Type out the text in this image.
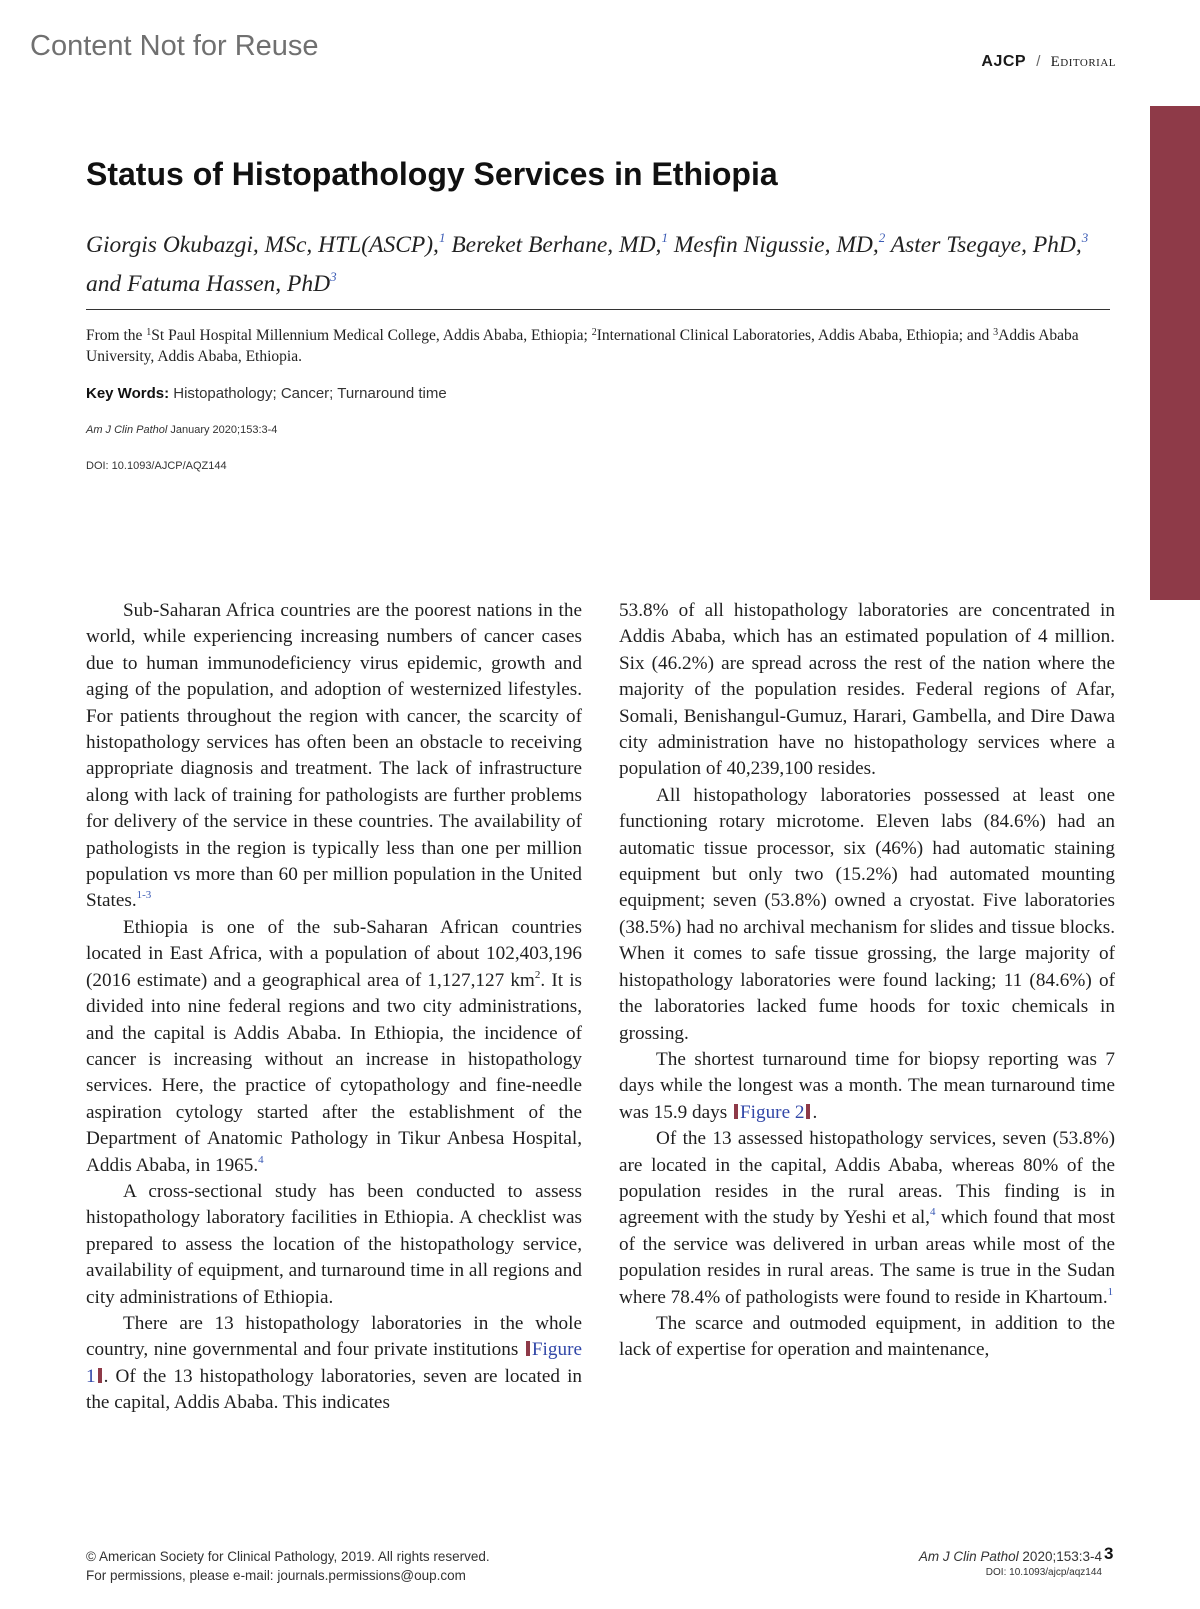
Content Not for Reuse	AJCP / Editorial
Status of Histopathology Services in Ethiopia
Giorgis Okubazgi, MSc, HTL(ASCP),$^1$ Bereket Berhane, MD,$^1$ Mesfin Nigussie, MD,$^2$ Aster Tsegaye, PhD,$^3$ and Fatuma Hassen, PhD$^3$
From the $^1$St Paul Hospital Millennium Medical College, Addis Ababa, Ethiopia; $^2$International Clinical Laboratories, Addis Ababa, Ethiopia; and $^3$Addis Ababa University, Addis Ababa, Ethiopia.
Key Words: Histopathology; Cancer; Turnaround time
Am J Clin Pathol January 2020;153:3-4
DOI: 10.1093/AJCP/AQZ144

Sub-Saharan Africa countries are the poorest nations in the world, while experiencing increasing numbers of cancer cases due to human immunodeficiency virus epidemic, growth and aging of the population, and adoption of westernized lifestyles. For patients throughout the region with cancer, the scarcity of histopathology services has often been an obstacle to receiving appropriate diagnosis and treatment. The lack of infrastructure along with lack of training for pathologists are further problems for delivery of the service in these countries. The availability of pathologists in the region is typically less than one per million population vs more than 60 per million population in the United States.$^{1-3}$

Ethiopia is one of the sub-Saharan African countries located in East Africa, with a population of about 102,403,196 (2016 estimate) and a geographical area of 1,127,127 $km^2$. It is divided into nine federal regions and two city administrations, and the capital is Addis Ababa. In Ethiopia, the incidence of cancer is increasing without an increase in histopathology services. Here, the practice of cytopathology and fine-needle aspiration cytology started after the establishment of the Department of Anatomic Pathology in Tikur Anbesa Hospital, Addis Ababa, in 1965.$^4$

A cross-sectional study has been conducted to assess histopathology laboratory facilities in Ethiopia. A checklist was prepared to assess the location of the histopathology service, availability of equipment, and turnaround time in all regions and city administrations of Ethiopia.

There are 13 histopathology laboratories in the whole country, nine governmental and four private institutions Figure 1 . Of the 13 histopathology laboratories, seven are located in the capital, Addis Ababa. This indicates

53.8% of all histopathology laboratories are concentrated in Addis Ababa, which has an estimated population of 4 million. Six (46.2%) are spread across the rest of the nation where the majority of the population resides. Federal regions of Afar, Somali, Benishangul-Gumuz, Harari, Gambella, and Dire Dawa city administration have no histopathology services where a population of 40,239,100 resides.

All histopathology laboratories possessed at least one functioning rotary microtome. Eleven labs (84.6%) had an automatic tissue processor, six (46%) had automatic staining equipment but only two (15.2%) had automated mounting equipment; seven (53.8%) owned a cryostat. Five laboratories (38.5%) had no archival mechanism for slides and tissue blocks. When it comes to safe tissue grossing, the large majority of histopathology laboratories were found lacking; 11 (84.6%) of the laboratories lacked fume hoods for toxic chemicals in grossing.

The shortest turnaround time for biopsy reporting was 7 days while the longest was a month. The mean turnaround time was 15.9 days Figure 2 .

Of the 13 assessed histopathology services, seven (53.8%) are located in the capital, Addis Ababa, whereas 80% of the population resides in the rural areas. This finding is in agreement with the study by Yeshi et al,$^4$ which found that most of the service was delivered in urban areas while most of the population resides in rural areas. The same is true in the Sudan where 78.4% of pathologists were found to reside in Khartoum.$^1$

The scarce and outmoded equipment, in addition to the lack of expertise for operation and maintenance,

© American Society for Clinical Pathology, 2019. All rights reserved.
For permissions, please e-mail: journals.permissions@oup.com
Am J Clin Pathol 2020;153:3-4
DOI: 10.1093/ajcp/aqz144
3
